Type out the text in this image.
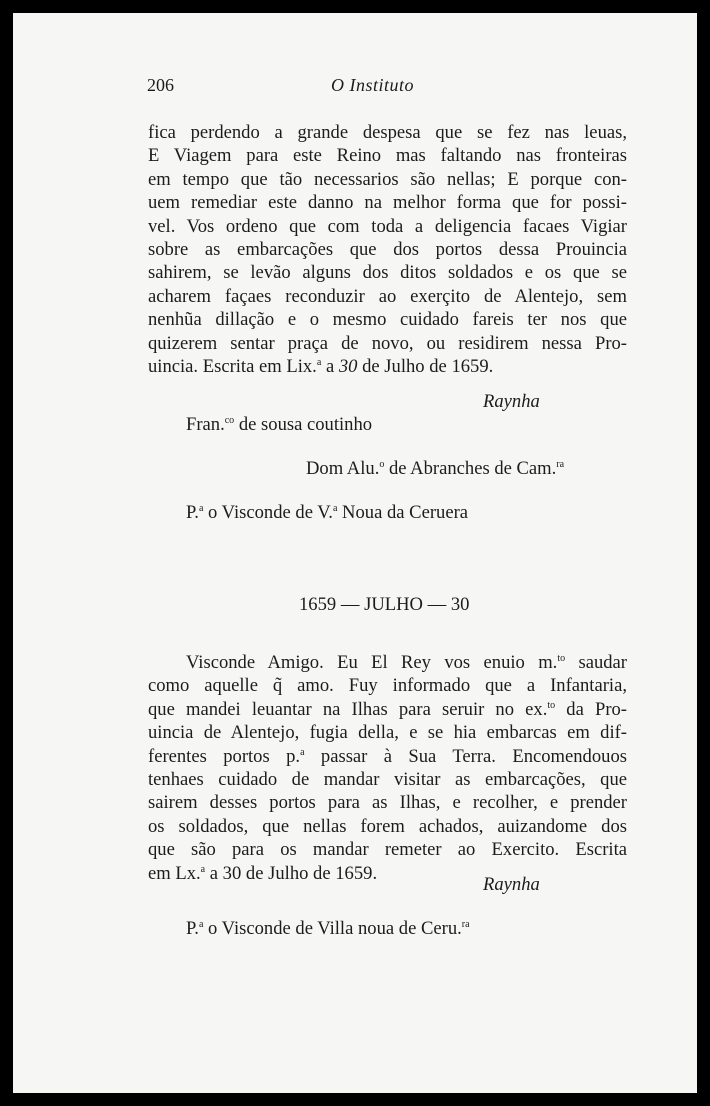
206	O Instituto
fica perdendo a grande despesa que se fez nas leuas,
E Viagem para este Reino mas faltando nas fronteiras
em tempo que tão necessarios são nellas; E porque con-
uem remediar este danno na melhor forma que for possi-
vel. Vos ordeno que com toda a deligencia facaes Vigiar
sobre as embarcações que dos portos dessa Prouincia
sahirem, se levão alguns dos ditos soldados e os que se
acharem façaes reconduzir ao exerçito de Alentejo, sem
nenhũa dillação e o mesmo cuidado fareis ter nos que
quizerem sentar praça de novo, ou residirem nessa Pro-
uincia. Escrita em Lix.$^a$ a 30 de Julho de 1659.
Raynha
Fran.$^{co}$ de sousa coutinho
Dom Alu.$^o$ de Abranches de Cam.$^{ra}$
P.$^a$ o Visconde de V.$^a$ Noua da Ceruera
1659 — JULHO — 30
Visconde Amigo. Eu El Rey vos enuio m.$^{to}$ saudar
como aquelle q̃ amo. Fuy informado que a Infantaria,
que mandei leuantar na Ilhas para seruir no ex.$^{to}$ da Pro-
uincia de Alentejo, fugia della, e se hia embarcas em dif-
ferentes portos p.$^a$ passar à Sua Terra. Encomendouos
tenhaes cuidado de mandar visitar as embarcações, que
sairem desses portos para as Ilhas, e recolher, e prender
os soldados, que nellas forem achados, auizandome dos
que são para os mandar remeter ao Exercito. Escrita
em Lx.$^a$ a 30 de Julho de 1659.
Raynha
P.$^a$ o Visconde de Villa noua de Ceru.$^{ra}$
